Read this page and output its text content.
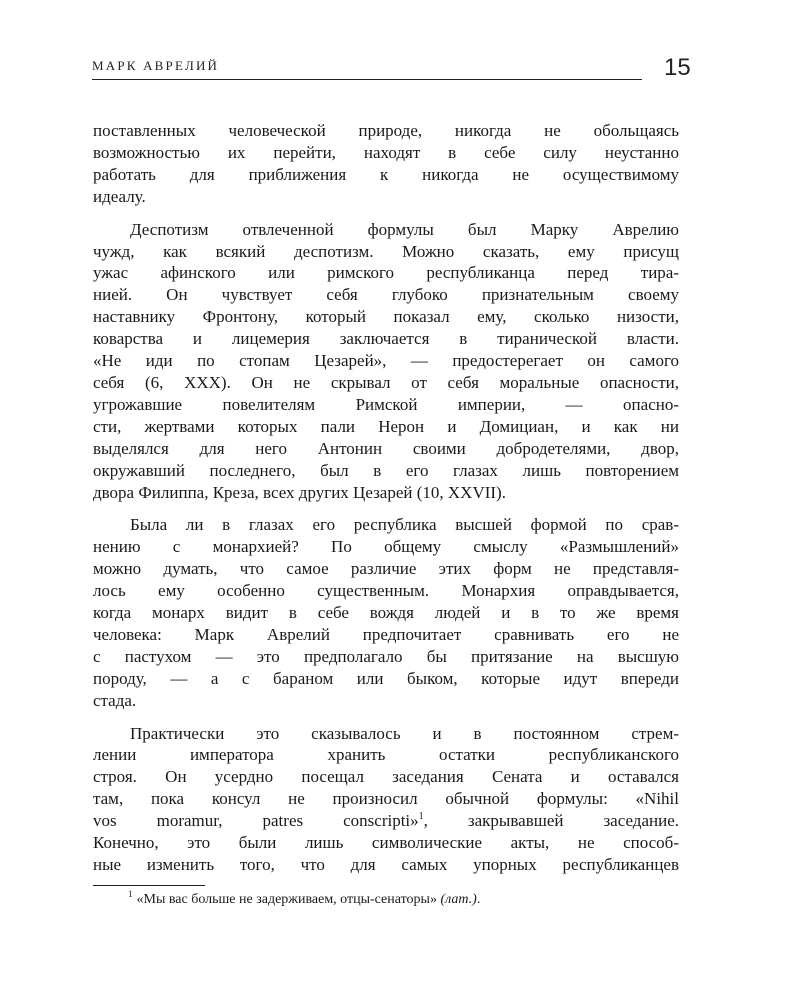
МАРК АВРЕЛИЙ	15

поставленных человеческой природе, никогда не обольщаясь
возможностью их перейти, находят в себе силу неустанно
работать для приближения к никогда не осуществимому
идеалу.

Деспотизм отвлеченной формулы был Марку Аврелию
чужд, как всякий деспотизм. Можно сказать, ему присущ
ужас афинского или римского республиканца перед тира-
нией. Он чувствует себя глубоко признательным своему
наставнику Фронтону, который показал ему, сколько низости,
коварства и лицемерия заключается в тиранической власти.
«Не иди по стопам Цезарей», — предостерегает он самого
себя (6, XXX). Он не скрывал от себя моральные опасности,
угрожавшие повелителям Римской империи, — опасно-
сти, жертвами которых пали Нерон и Домициан, и как ни
выделялся для него Антонин своими добродетелями, двор,
окружавший последнего, был в его глазах лишь повторением
двора Филиппа, Креза, всех других Цезарей (10, XXVII).

Была ли в глазах его республика высшей формой по срав-
нению с монархией? По общему смыслу «Размышлений»
можно думать, что самое различие этих форм не представля-
лось ему особенно существенным. Монархия оправдывается,
когда монарх видит в себе вождя людей и в то же время
человека: Марк Аврелий предпочитает сравнивать его не
с пастухом — это предполагало бы притязание на высшую
породу, — а с бараном или быком, которые идут впереди
стада.

Практически это сказывалось и в постоянном стрем-
лении императора хранить остатки республиканского
строя. Он усердно посещал заседания Сената и оставался
там, пока консул не произносил обычной формулы: «Nihil
vos moramur, patres conscripti»$^1$, закрывавшей заседание.
Конечно, это были лишь символические акты, не способ-
ные изменить того, что для самых упорных республиканцев

$^1$ «Мы вас больше не задерживаем, отцы-сенаторы» (лат.).
